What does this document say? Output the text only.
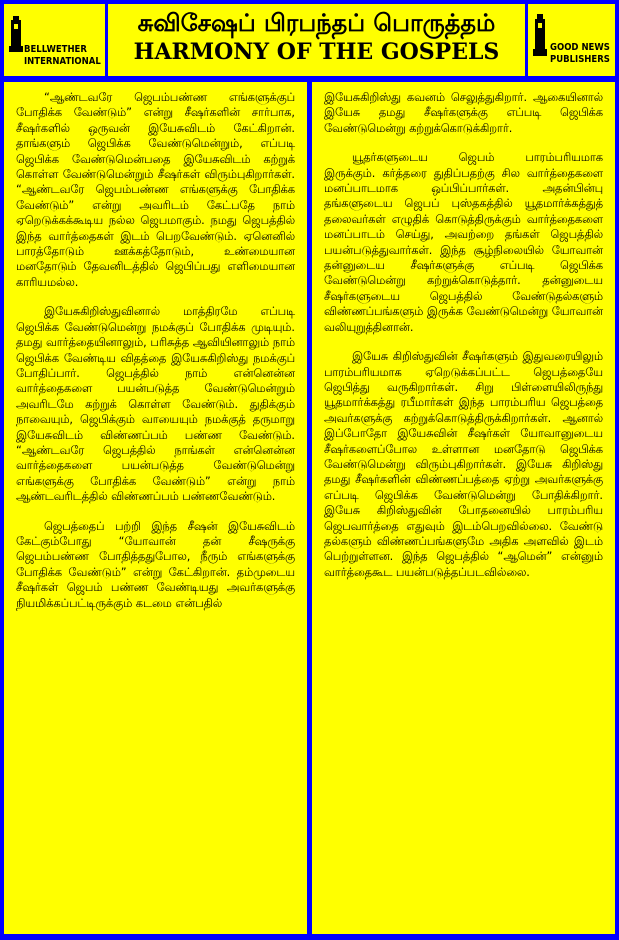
BELLWETHER
INTERNATIONAL
சுவிசேஷப் பிரபந்தப் பொருத்தம்
HARMONY OF THE GOSPELS	GOOD NEWS
PUBLISHERS

“ஆண்டவரே ஜெபம்பண்ண எங்களுக்குப் போதிக்க வேண்டும்” என்று சீஷர்களின் சார்பாக, சீஷர்களில் ஒருவன் இயேசுவிடம் கேட்கிறான். தாங்களும் ஜெபிக்க வேண்டுமென்றும், எப்படி ஜெபிக்க வேண்டுமென்பதை இயேசுவிடம் கற்றுக் கொள்ள வேண்டுமென்றும் சீஷர்கள் விரும்புகிறார்கள். “ஆண்டவரே ஜெபம்பண்ண எங்களுக்கு போதிக்க வேண்டும்” என்று அவரிடம் கேட்பதே நாம் ஏறெடுக்கக்கூடிய நல்ல ஜெபமாகும். நமது ஜெபத்தில் இந்த வார்த்தைகள் இடம் பெறவேண்டும். ஏனெனில் பாரத்தோடும் ஊக்கத்தோடும், உண்மையான மனதோடும் தேவனிடத்தில் ஜெபிப்பது எளிமையான காரியமல்ல.

இயேசுகிறிஸ்துவினால் மாத்திரமே எப்படி ஜெபிக்க வேண்டுமென்று நமக்குப் போதிக்க முடியும். தமது வார்த்தையினாலும், பரிசுத்த ஆவியினாலும் நாம் ஜெபிக்க வேண்டிய விதத்தை இயேசுகிறிஸ்து நமக்குப் போதிப்பார். ஜெபத்தில் நாம் என்னென்ன வார்த்தைகளை பயன்படுத்த வேண்டுமென்றும் அவரிடமே கற்றுக் கொள்ள வேண்டும். துதிக்கும் நாவையும், ஜெபிக்கும் வாயையும் நமக்குத் தருமாறு இயேசுவிடம் விண்ணப்பம் பண்ண வேண்டும். “ஆண்டவரே ஜெபத்தில் நாங்கள் என்னென்ன வார்த்தைகளை பயன்படுத்த வேண்டுமென்று எங்களுக்கு போதிக்க வேண்டும்” என்று நாம் ஆண்டவரிடத்தில் விண்ணப்பம் பண்ணவேண்டும்.

ஜெபத்தைப் பற்றி இந்த சீஷன் இயேசுவிடம் கேட்கும்போது “யோவான் தன் சீஷருக்கு ஜெபம்பண்ண போதித்ததுபோல, நீரும் எங்களுக்கு போதிக்க வேண்டும்” என்று கேட்கிறான். தம்முடைய சீஷர்கள் ஜெபம் பண்ண வேண்டியது அவர்களுக்கு நியமிக்கப்பட்டிருக்கும் கடமை என்பதில்

இயேசுகிறிஸ்து கவனம் செலுத்துகிறார். ஆகையினால் இயேசு தமது சீஷர்களுக்கு எப்படி ஜெபிக்க வேண்டுமென்று கற்றுக்கொடுக்கிறார்.

யூதர்களுடைய ஜெபம் பாரம்பரியமாக இருக்கும். கர்த்தரை துதிப்பதற்கு சில வார்த்தைகளை மனப்பாடமாக ஒப்பிப்பார்கள். அதன்பின்பு தங்களுடைய ஜெபப் புஸ்தகத்தில் யூதமார்க்கத்துத் தலைவர்கள் எழுதிக் கொடுத்திருக்கும் வார்த்தைகளை மனப்பாடம் செய்து, அவற்றை தங்கள் ஜெபத்தில் பயன்படுத்துவார்கள். இந்த சூழ்நிலையில் யோவான் தன்னுடைய சீஷர்களுக்கு எப்படி ஜெபிக்க வேண்டுமென்று கற்றுக்கொடுத்தார். தன்னுடைய சீஷர்களுடைய ஜெபத்தில் வேண்டுதல்களும் விண்ணப்பங்களும் இருக்க வேண்டுமென்று யோவான் வலியுறுத்தினான்.

இயேசு கிறிஸ்துவின் சீஷர்களும் இதுவரையிலும் பாரம்பரியமாக ஏறெடுக்கப்பட்ட ஜெபத்தையே ஜெபித்து வருகிறார்கள். சிறு பிள்ளையிலிருந்து யூதமார்க்கத்து ரபீமார்கள் இந்த பாரம்பரிய ஜெபத்தை அவர்களுக்கு கற்றுக்கொடுத்திருக்கிறார்கள். ஆனால் இப்போதோ இயேசுவின் சீஷர்கள் யோவானுடைய சீஷர்களைப்போல உள்ளான மனதோடு ஜெபிக்க வேண்டுமென்று விரும்புகிறார்கள். இயேசு கிறிஸ்து தமது சீஷர்களின் விண்ணப்பத்தை ஏற்று அவர்களுக்கு எப்படி ஜெபிக்க வேண்டுமென்று போதிக்கிறார். இயேசு கிறிஸ்துவின் போதனையில் பாரம்பரிய ஜெபவார்த்தை எதுவும் இடம்பெறவில்லை. வேண்டு தல்களும் விண்ணப்பங்களுமே அதிக அளவில் இடம் பெற்றுள்ளன. இந்த ஜெபத்தில் “ஆமென்” என்னும் வார்த்தைகூட பயன்படுத்தப்படவில்லை.
